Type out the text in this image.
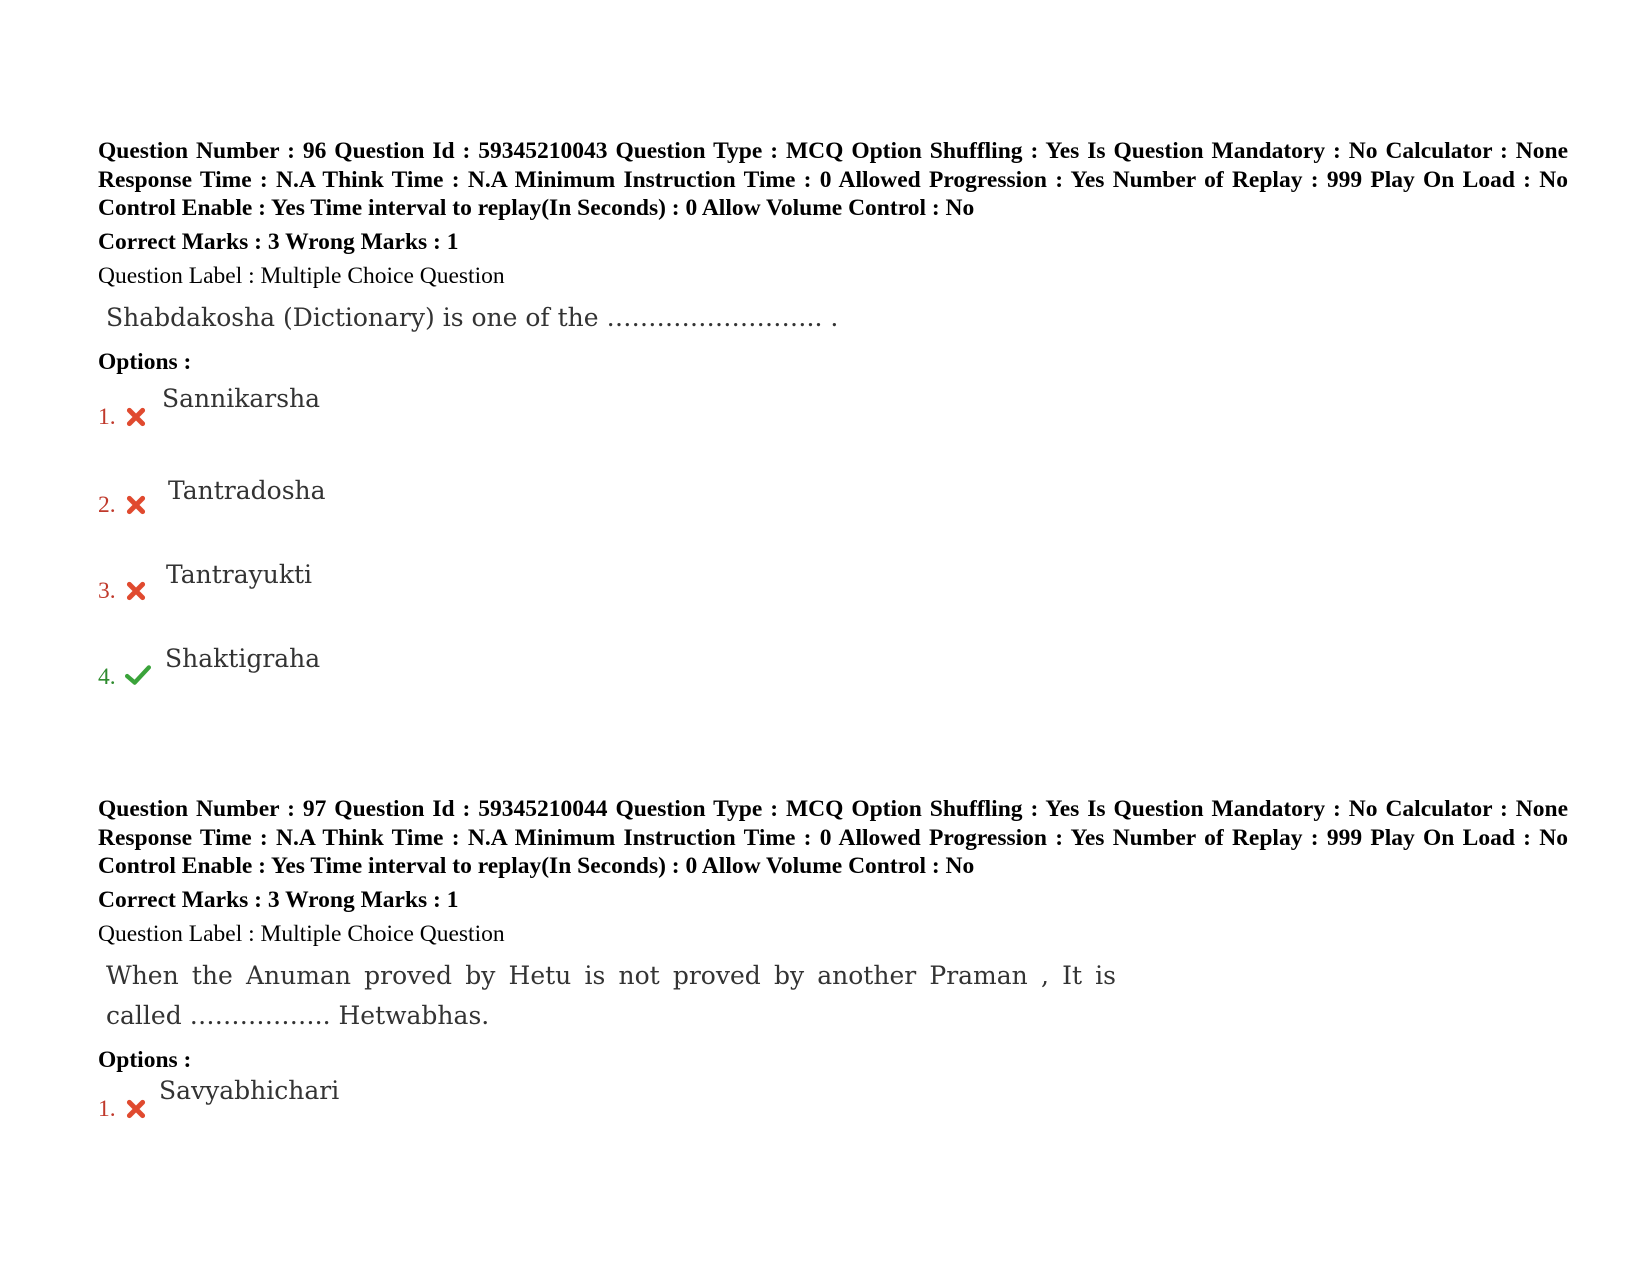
Question Number : 96 Question Id : 59345210043 Question Type : MCQ Option Shuffling : Yes Is Question Mandatory : No Calculator : None Response Time : N.A Think Time : N.A Minimum Instruction Time : 0 Allowed Progression : Yes Number of Replay : 999 Play On Load : No Control Enable : Yes Time interval to replay(In Seconds) : 0 Allow Volume Control : No

Correct Marks : 3 Wrong Marks : 1
Question Label : Multiple Choice Question
Shabdakosha (Dictionary) is one of the …………………….. .
Options :
1.
Sannikarsha
2. Tantradosha
3.
Tantrayukti
4.
Shaktigraha

Question Number : 97 Question Id : 59345210044 Question Type : MCQ Option Shuffling : Yes Is Question Mandatory : No Calculator : None Response Time : N.A Think Time : N.A Minimum Instruction Time : 0 Allowed Progression : Yes Number of Replay : 999 Play On Load : No Control Enable : Yes Time interval to replay(In Seconds) : 0 Allow Volume Control : No

Correct Marks : 3 Wrong Marks : 1
Question Label : Multiple Choice Question
When the Anuman proved by Hetu is not proved by another Praman , It is called …………….. Hetwabhas.
Options :
1.
Savyabhichari
